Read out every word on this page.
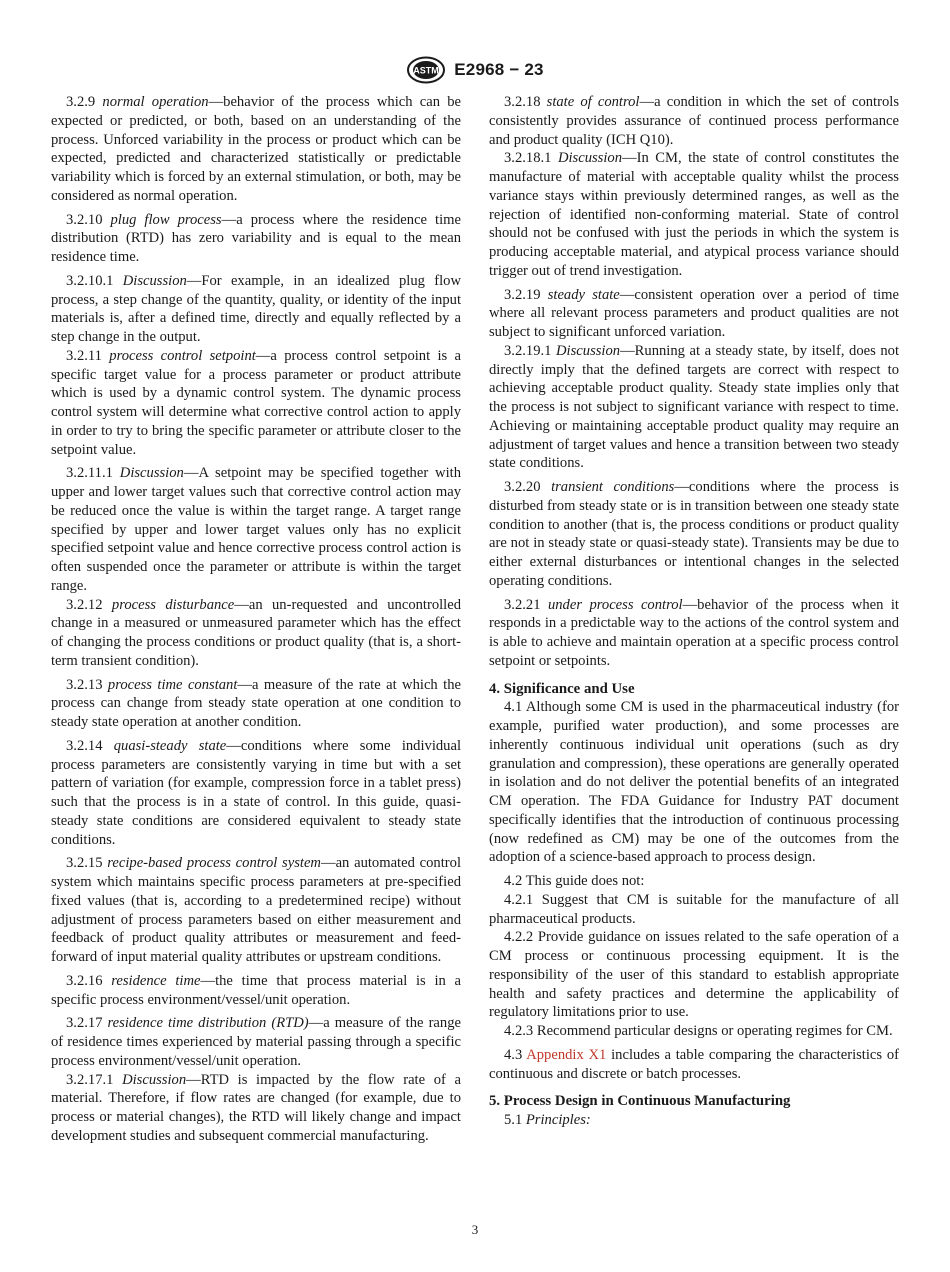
ASTM E2968 − 23

3.2.9 normal operation—behavior of the process which can be expected or predicted, or both, based on an understanding of the process. Unforced variability in the process or product which can be expected, predicted and characterized statistically or predictable variability which is forced by an external stimulation, or both, may be considered as normal operation.

3.2.10 plug flow process—a process where the residence time distribution (RTD) has zero variability and is equal to the mean residence time.

3.2.10.1 Discussion—For example, in an idealized plug flow process, a step change of the quantity, quality, or identity of the input materials is, after a defined time, directly and equally reflected by a step change in the output.

3.2.11 process control setpoint—a process control setpoint is a specific target value for a process parameter or product attribute which is used by a dynamic control system. The dynamic process control system will determine what corrective control action to apply in order to try to bring the specific parameter or attribute closer to the setpoint value.

3.2.11.1 Discussion—A setpoint may be specified together with upper and lower target values such that corrective control action may be reduced once the value is within the target range. A target range specified by upper and lower target values only has no explicit specified setpoint value and hence corrective process control action is often suspended once the parameter or attribute is within the target range.

3.2.12 process disturbance—an un-requested and uncontrolled change in a measured or unmeasured parameter which has the effect of changing the process conditions or product quality (that is, a short-term transient condition).

3.2.13 process time constant—a measure of the rate at which the process can change from steady state operation at one condition to steady state operation at another condition.

3.2.14 quasi-steady state—conditions where some individual process parameters are consistently varying in time but with a set pattern of variation (for example, compression force in a tablet press) such that the process is in a state of control. In this guide, quasi-steady state conditions are considered equivalent to steady state conditions.

3.2.15 recipe-based process control system—an automated control system which maintains specific process parameters at pre-specified fixed values (that is, according to a predetermined recipe) without adjustment of process parameters based on either measurement and feedback of product quality attributes or measurement and feed-forward of input material quality attributes or upstream conditions.

3.2.16 residence time—the time that process material is in a specific process environment/vessel/unit operation.

3.2.17 residence time distribution (RTD)—a measure of the range of residence times experienced by material passing through a specific process environment/vessel/unit operation.

3.2.17.1 Discussion—RTD is impacted by the flow rate of a material. Therefore, if flow rates are changed (for example, due to process or material changes), the RTD will likely change and impact development studies and subsequent commercial manufacturing.

3.2.18 state of control—a condition in which the set of controls consistently provides assurance of continued process performance and product quality (ICH Q10).

3.2.18.1 Discussion—In CM, the state of control constitutes the manufacture of material with acceptable quality whilst the process variance stays within previously determined ranges, as well as the rejection of identified non-conforming material. State of control should not be confused with just the periods in which the system is producing acceptable material, and atypical process variance should trigger out of trend investigation.

3.2.19 steady state—consistent operation over a period of time where all relevant process parameters and product qualities are not subject to significant unforced variation.

3.2.19.1 Discussion—Running at a steady state, by itself, does not directly imply that the defined targets are correct with respect to achieving acceptable product quality. Steady state implies only that the process is not subject to significant variance with respect to time. Achieving or maintaining acceptable product quality may require an adjustment of target values and hence a transition between two steady state conditions.

3.2.20 transient conditions—conditions where the process is disturbed from steady state or is in transition between one steady state condition to another (that is, the process conditions or product quality are not in steady state or quasi-steady state). Transients may be due to either external disturbances or intentional changes in the selected operating conditions.

3.2.21 under process control—behavior of the process when it responds in a predictable way to the actions of the control system and is able to achieve and maintain operation at a specific process control setpoint or setpoints.

4. Significance and Use

4.1 Although some CM is used in the pharmaceutical industry (for example, purified water production), and some processes are inherently continuous individual unit operations (such as dry granulation and compression), these operations are generally operated in isolation and do not deliver the potential benefits of an integrated CM operation. The FDA Guidance for Industry PAT document specifically identifies that the introduction of continuous processing (now redefined as CM) may be one of the outcomes from the adoption of a science-based approach to process design.

4.2 This guide does not:

4.2.1 Suggest that CM is suitable for the manufacture of all pharmaceutical products.

4.2.2 Provide guidance on issues related to the safe operation of a CM process or continuous processing equipment. It is the responsibility of the user of this standard to establish appropriate health and safety practices and determine the applicability of regulatory limitations prior to use.

4.2.3 Recommend particular designs or operating regimes for CM.

4.3 Appendix X1 includes a table comparing the characteristics of continuous and discrete or batch processes.

5. Process Design in Continuous Manufacturing

5.1 Principles:

3
